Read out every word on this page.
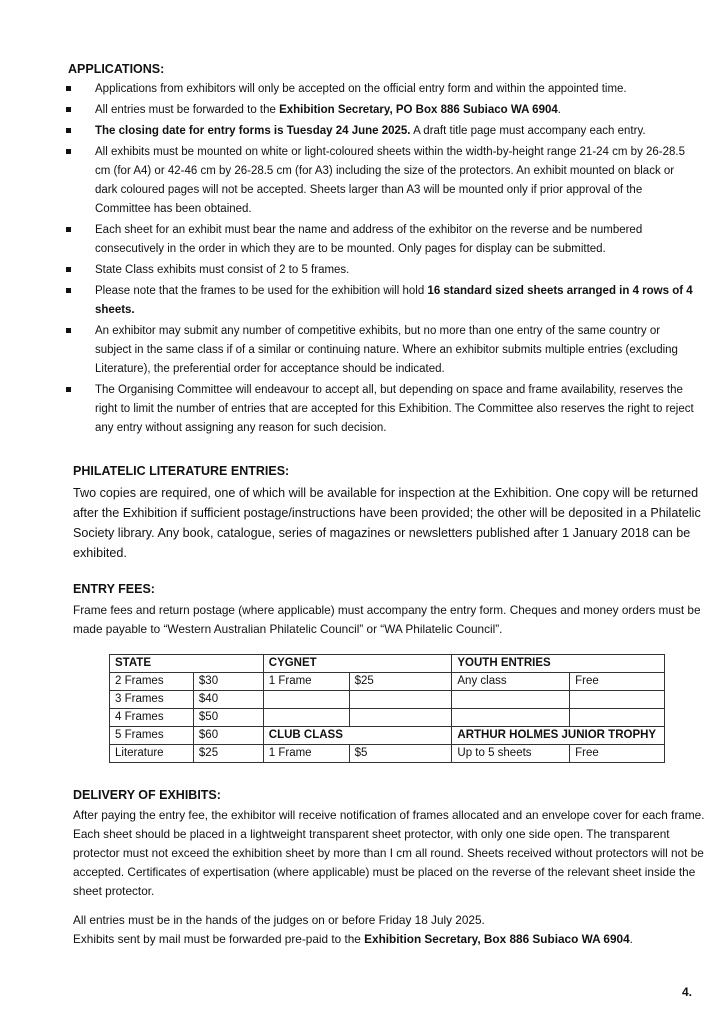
APPLICATIONS:
Applications from exhibitors will only be accepted on the official entry form and within the appointed time.
All entries must be forwarded to the Exhibition Secretary, PO Box 886 Subiaco WA 6904.
The closing date for entry forms is Tuesday 24 June 2025. A draft title page must accompany each entry.
All exhibits must be mounted on white or light-coloured sheets within the width-by-height range 21-24 cm by 26-28.5 cm (for A4) or 42-46 cm by 26-28.5 cm (for A3) including the size of the protectors. An exhibit mounted on black or dark coloured pages will not be accepted. Sheets larger than A3 will be mounted only if prior approval of the Committee has been obtained.
Each sheet for an exhibit must bear the name and address of the exhibitor on the reverse and be numbered consecutively in the order in which they are to be mounted. Only pages for display can be submitted.
State Class exhibits must consist of 2 to 5 frames.
Please note that the frames to be used for the exhibition will hold 16 standard sized sheets arranged in 4 rows of 4 sheets.
An exhibitor may submit any number of competitive exhibits, but no more than one entry of the same country or subject in the same class if of a similar or continuing nature. Where an exhibitor submits multiple entries (excluding Literature), the preferential order for acceptance should be indicated.
The Organising Committee will endeavour to accept all, but depending on space and frame availability, reserves the right to limit the number of entries that are accepted for this Exhibition. The Committee also reserves the right to reject any entry without assigning any reason for such decision.
PHILATELIC LITERATURE ENTRIES:

Two copies are required, one of which will be available for inspection at the Exhibition. One copy will be returned after the Exhibition if sufficient postage/instructions have been provided; the other will be deposited in a Philatelic Society library. Any book, catalogue, series of magazines or newsletters published after 1 January 2018 can be exhibited.

ENTRY FEES:

Frame fees and return postage (where applicable) must accompany the entry form. Cheques and money orders must be made payable to “Western Australian Philatelic Council” or “WA Philatelic Council”.

STATE		CYGNET		YOUTH ENTRIES	
2 Frames	$30	1 Frame	$25	Any class	Free
3 Frames	$40				
4 Frames	$50				
5 Frames	$60	CLUB CLASS		ARTHUR HOLMES JUNIOR TROPHY	
Literature	$25	1 Frame	$5	Up to 5 sheets	Free
DELIVERY OF EXHIBITS:

After paying the entry fee, the exhibitor will receive notification of frames allocated and an envelope cover for each frame. Each sheet should be placed in a lightweight transparent sheet protector, with only one side open. The transparent protector must not exceed the exhibition sheet by more than I cm all round. Sheets received without protectors will not be accepted. Certificates of expertisation (where applicable) must be placed on the reverse of the relevant sheet inside the sheet protector.

All entries must be in the hands of the judges on or before Friday 18 July 2025.

Exhibits sent by mail must be forwarded pre-paid to the Exhibition Secretary, Box 886 Subiaco WA 6904.

4.
